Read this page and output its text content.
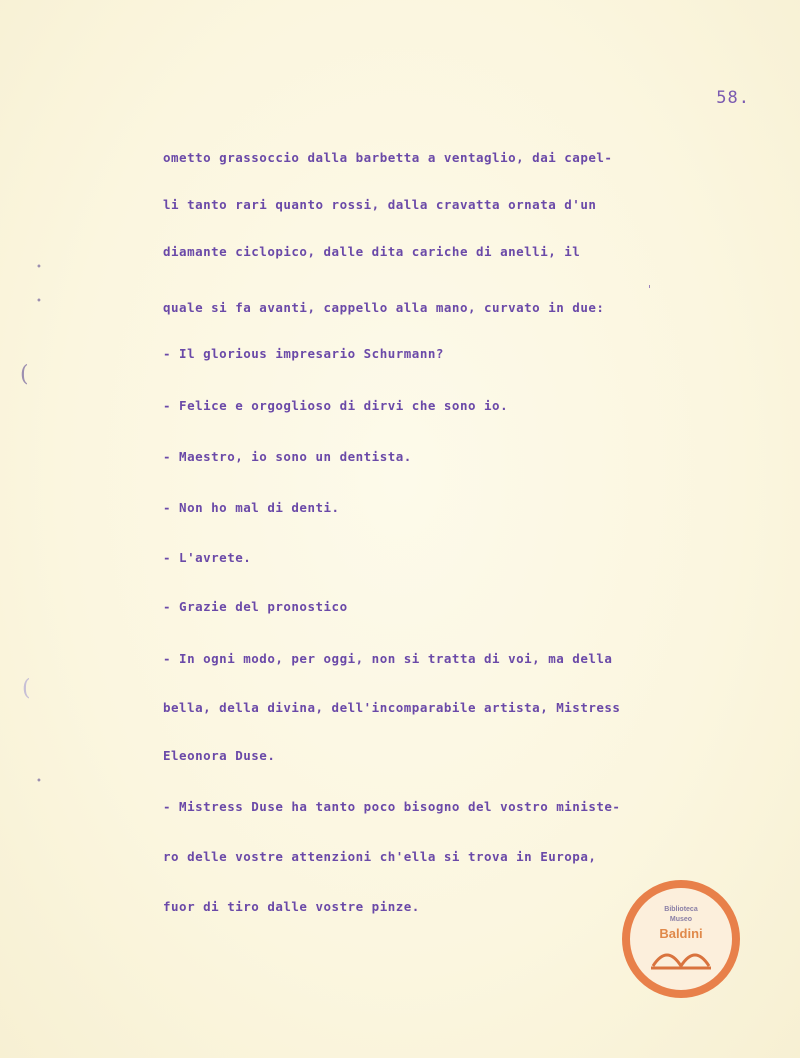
58.

ometto grassoccio dalla barbetta a ventaglio, dai capel-

li tanto rari quanto rossi, dalla cravatta ornata d'un

diamante ciclopico, dalle dita cariche di anelli, il

quale si fa avanti, cappello alla mano, curvato in due:

- Il glorious impresario Schurmann?

- Felice e orgoglioso di dirvi che sono io.

- Maestro, io sono un dentista.

- Non ho mal di denti.

- L'avrete.

- Grazie del pronostico

- In ogni modo, per oggi, non si tratta di voi, ma della

bella, della divina, dell'incomparabile artista, Mistress

Eleonora Duse.

- Mistress Duse ha tanto poco bisogno del vostro ministe-

ro delle vostre attenzioni ch'ella si trova in Europa,

fuor di tiro dalle vostre pinze.

•
•
(
(
•
'
Biblioteca
Museo
Baldini
